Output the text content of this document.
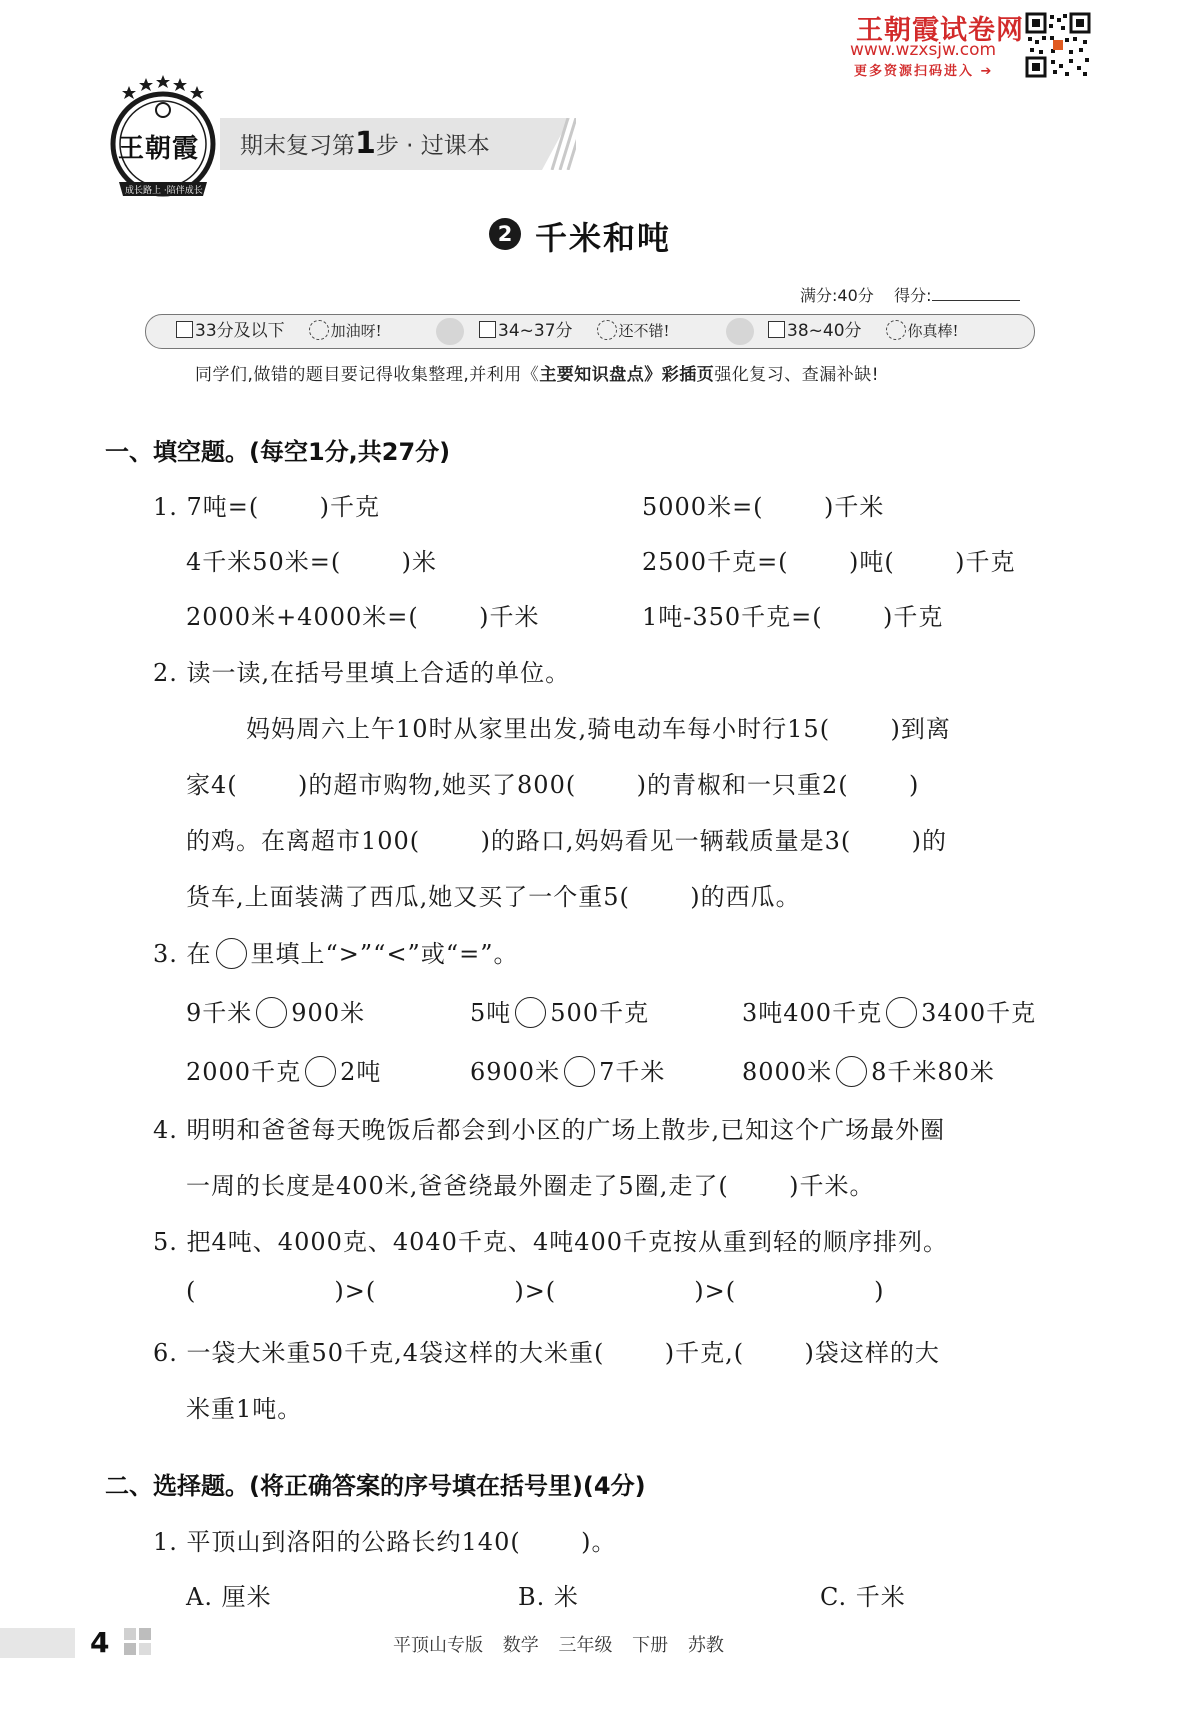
王朝霞试卷网
www.wzxsjw.com
更多资源扫码进入 ➔
王朝霞
成长路上 ·陪伴成长
期末复习第1步 · 过课本
2 千米和吨
满分:40分 得分:
33分及以下	加油呀!	34~37分	还不错!	38~40分	你真棒!
同学们,做错的题目要记得收集整理,并利用《主要知识盘点》彩插页强化复习、查漏补缺!
一、填空题。(每空1分,共27分)
1. 7吨=(       )千克	5000米=(       )千米
4千米50米=(       )米	2500千克=(       )吨(       )千克
2000米+4000米=(       )千米	1吨-350千克=(       )千克
2. 读一读,在括号里填上合适的单位。
妈妈周六上午10时从家里出发,骑电动车每小时行15(       )到离
家4(       )的超市购物,她买了800(       )的青椒和一只重2(       )
的鸡。在离超市100(       )的路口,妈妈看见一辆载质量是3(       )的
货车,上面装满了西瓜,她又买了一个重5(       )的西瓜。
3. 在 里填上“>”“<”或“=”。
9千米 900米	5吨 500千克	3吨400千克 3400千克
2000千克 2吨	6900米 7千米	8000米 8千米80米
4. 明明和爸爸每天晚饭后都会到小区的广场上散步,已知这个广场最外圈
一周的长度是400米,爸爸绕最外圈走了5圈,走了(       )千米。
5. 把4吨、4000克、4040千克、4吨400千克按从重到轻的顺序排列。
(                )>(                )>(                )>(                )
6. 一袋大米重50千克,4袋这样的大米重(       )千克,(       )袋这样的大
米重1吨。
二、选择题。(将正确答案的序号填在括号里)(4分)
1. 平顶山到洛阳的公路长约140(       )。
A. 厘米	B. 米	C. 千米
4	平顶山专版 数学 三年级 下册 苏教
